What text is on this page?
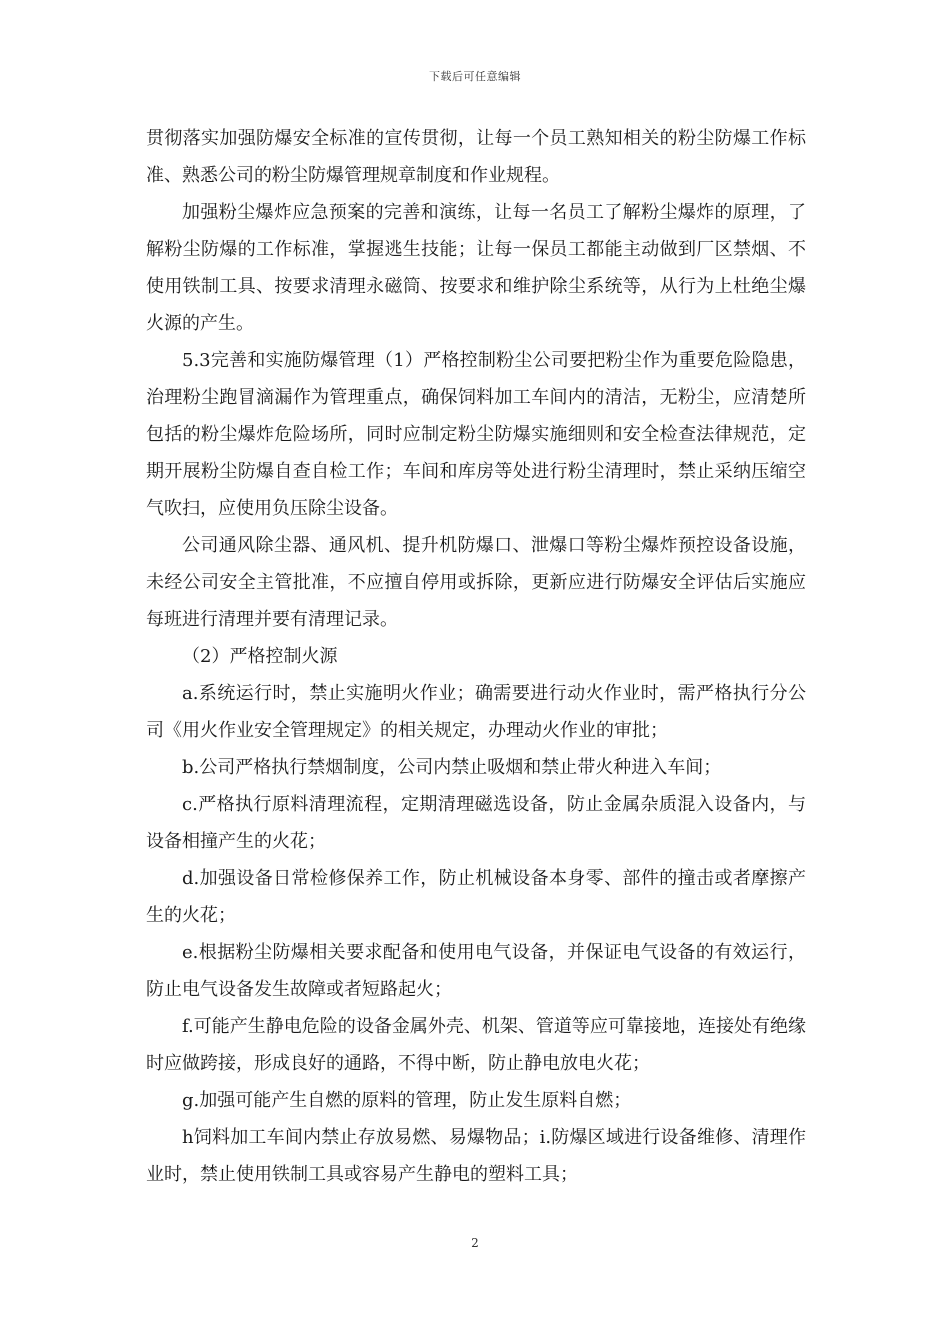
下载后可任意编辑

贯彻落实加强防爆安全标准的宣传贯彻，让每一个员工熟知相关的粉尘防爆工作标准、熟悉公司的粉尘防爆管理规章制度和作业规程。

加强粉尘爆炸应急预案的完善和演练，让每一名员工了解粉尘爆炸的原理，了解粉尘防爆的工作标准，掌握逃生技能；让每一保员工都能主动做到厂区禁烟、不使用铁制工具、按要求清理永磁筒、按要求和维护除尘系统等，从行为上杜绝尘爆火源的产生。

5.3完善和实施防爆管理（1）严格控制粉尘公司要把粉尘作为重要危险隐患，治理粉尘跑冒滴漏作为管理重点，确保饲料加工车间内的清洁，无粉尘，应清楚所包括的粉尘爆炸危险场所，同时应制定粉尘防爆实施细则和安全检查法律规范，定期开展粉尘防爆自查自检工作；车间和库房等处进行粉尘清理时，禁止采纳压缩空气吹扫，应使用负压除尘设备。

公司通风除尘器、通风机、提升机防爆口、泄爆口等粉尘爆炸预控设备设施，未经公司安全主管批准，不应擅自停用或拆除，更新应进行防爆安全评估后实施应每班进行清理并要有清理记录。

（2）严格控制火源

a.系统运行时，禁止实施明火作业；确需要进行动火作业时，需严格执行分公司《用火作业安全管理规定》的相关规定，办理动火作业的审批；

b.公司严格执行禁烟制度，公司内禁止吸烟和禁止带火种进入车间；

c.严格执行原料清理流程，定期清理磁选设备，防止金属杂质混入设备内，与设备相撞产生的火花；

d.加强设备日常检修保养工作，防止机械设备本身零、部件的撞击或者摩擦产生的火花；

e.根据粉尘防爆相关要求配备和使用电气设备，并保证电气设备的有效运行，防止电气设备发生故障或者短路起火；

f.可能产生静电危险的设备金属外壳、机架、管道等应可靠接地，连接处有绝缘时应做跨接，形成良好的通路，不得中断，防止静电放电火花；

g.加强可能产生自燃的原料的管理，防止发生原料自燃；

h饲料加工车间内禁止存放易燃、易爆物品；i.防爆区域进行设备维修、清理作业时，禁止使用铁制工具或容易产生静电的塑料工具；

2
